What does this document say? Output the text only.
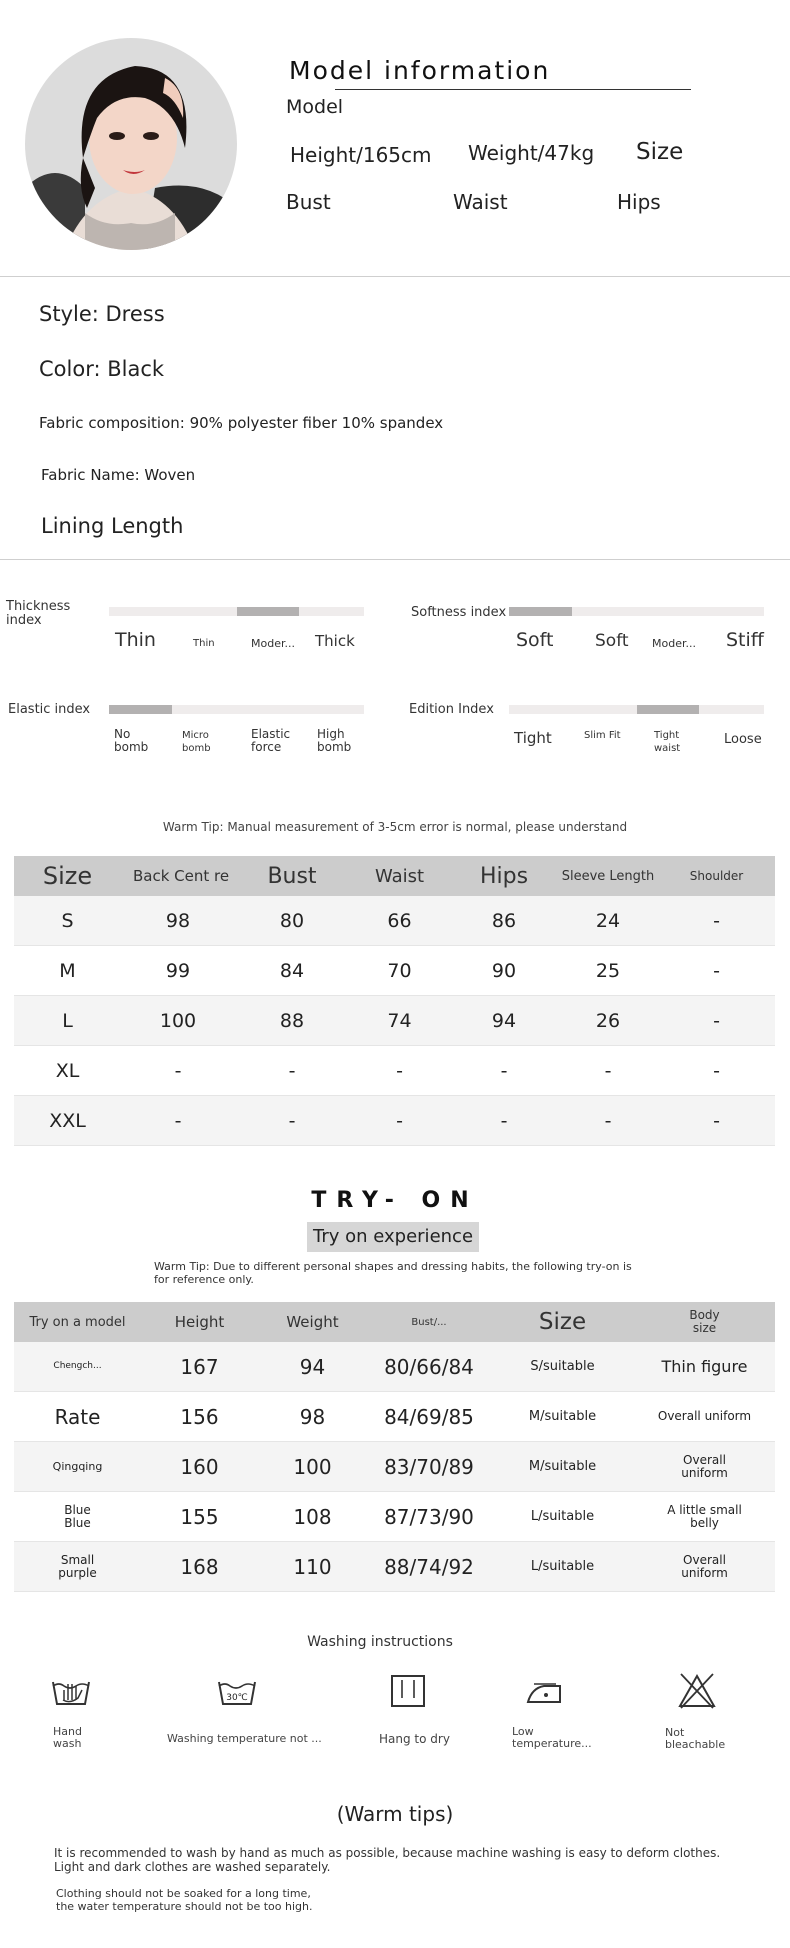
Model information
Model
Height/165cm Weight/47kg Size
Bust	Waist	Hips
Style: Dress
Color: Black
Fabric composition: 90% polyester fiber 10% spandex
Fabric Name: Woven
Lining Length
Thickness index
Thin	Thin	Moder... Thick
Softness index
Soft Soft Moder... Stiff
Elastic index
No bomb
Micro bomb
Elastic force
High bomb
Edition Index
Tight	Slim Fit	Tight waist
Loose
Warm Tip: Manual measurement of 3-5cm error is normal, please understand
Size	Back Cent re	Bust	Waist	Hips	Sleeve Length	Shoulder
S	98	80	66	86	24	-
M	99	84	70	90	25	-
L	100	88	74	94	26	-
XL	-	-	-	-	-	-
XXL	-	-	-	-	-	-
TRY- ON
Try on experience
Warm Tip: Due to different personal shapes and dressing habits, the following try-on is for reference only.
Try on a model	Height	Weight	Bust/...	Size	Body size
Chengch...	167	94	80/66/84	S/suitable	Thin figure
Rate	156	98	84/69/85	M/suitable	Overall uniform
Qingqing	160	100	83/70/89	M/suitable	Overall uniform
Blue Blue	155	108	87/73/90	L/suitable	A little small belly
Small purple	168	110	88/74/92	L/suitable	Overall uniform
Washing instructions
Hand wash
30℃
Washing temperature not ...	Hang to dry
Low temperature...
Not bleachable
(Warm tips)
It is recommended to wash by hand as much as possible, because machine washing is easy to deform clothes. Light and dark clothes are washed separately.
Clothing should not be soaked for a long time, the water temperature should not be too high.
